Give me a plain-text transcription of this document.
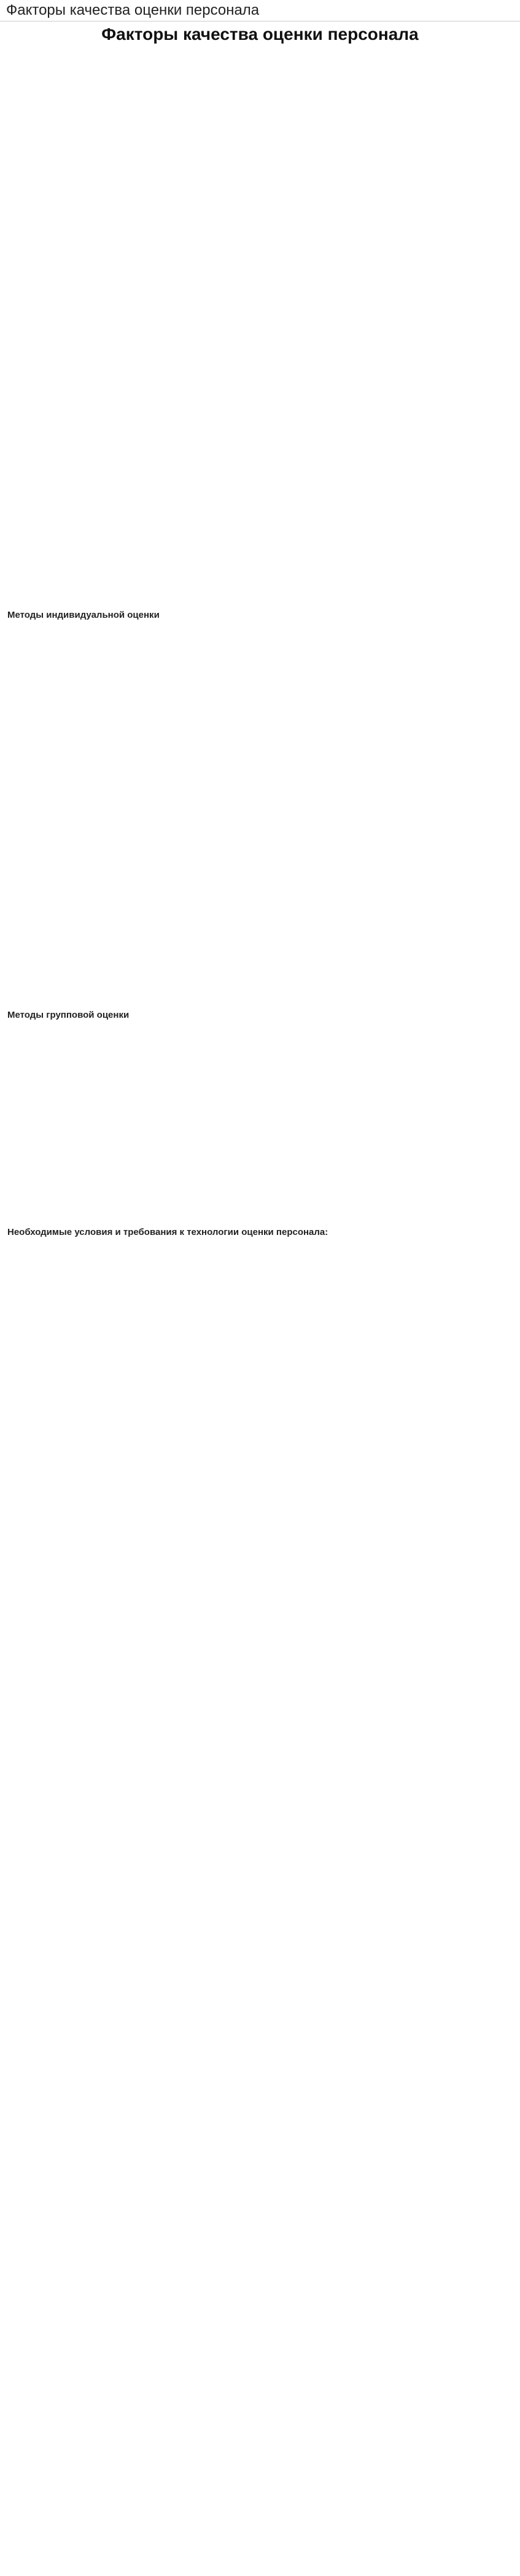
Факторы качества оценки персонала
Факторы качества оценки персонала
Методы индивидуальной оценки
Методы групповой оценки
Необходимые условия и требования к технологии оценки персонала:
